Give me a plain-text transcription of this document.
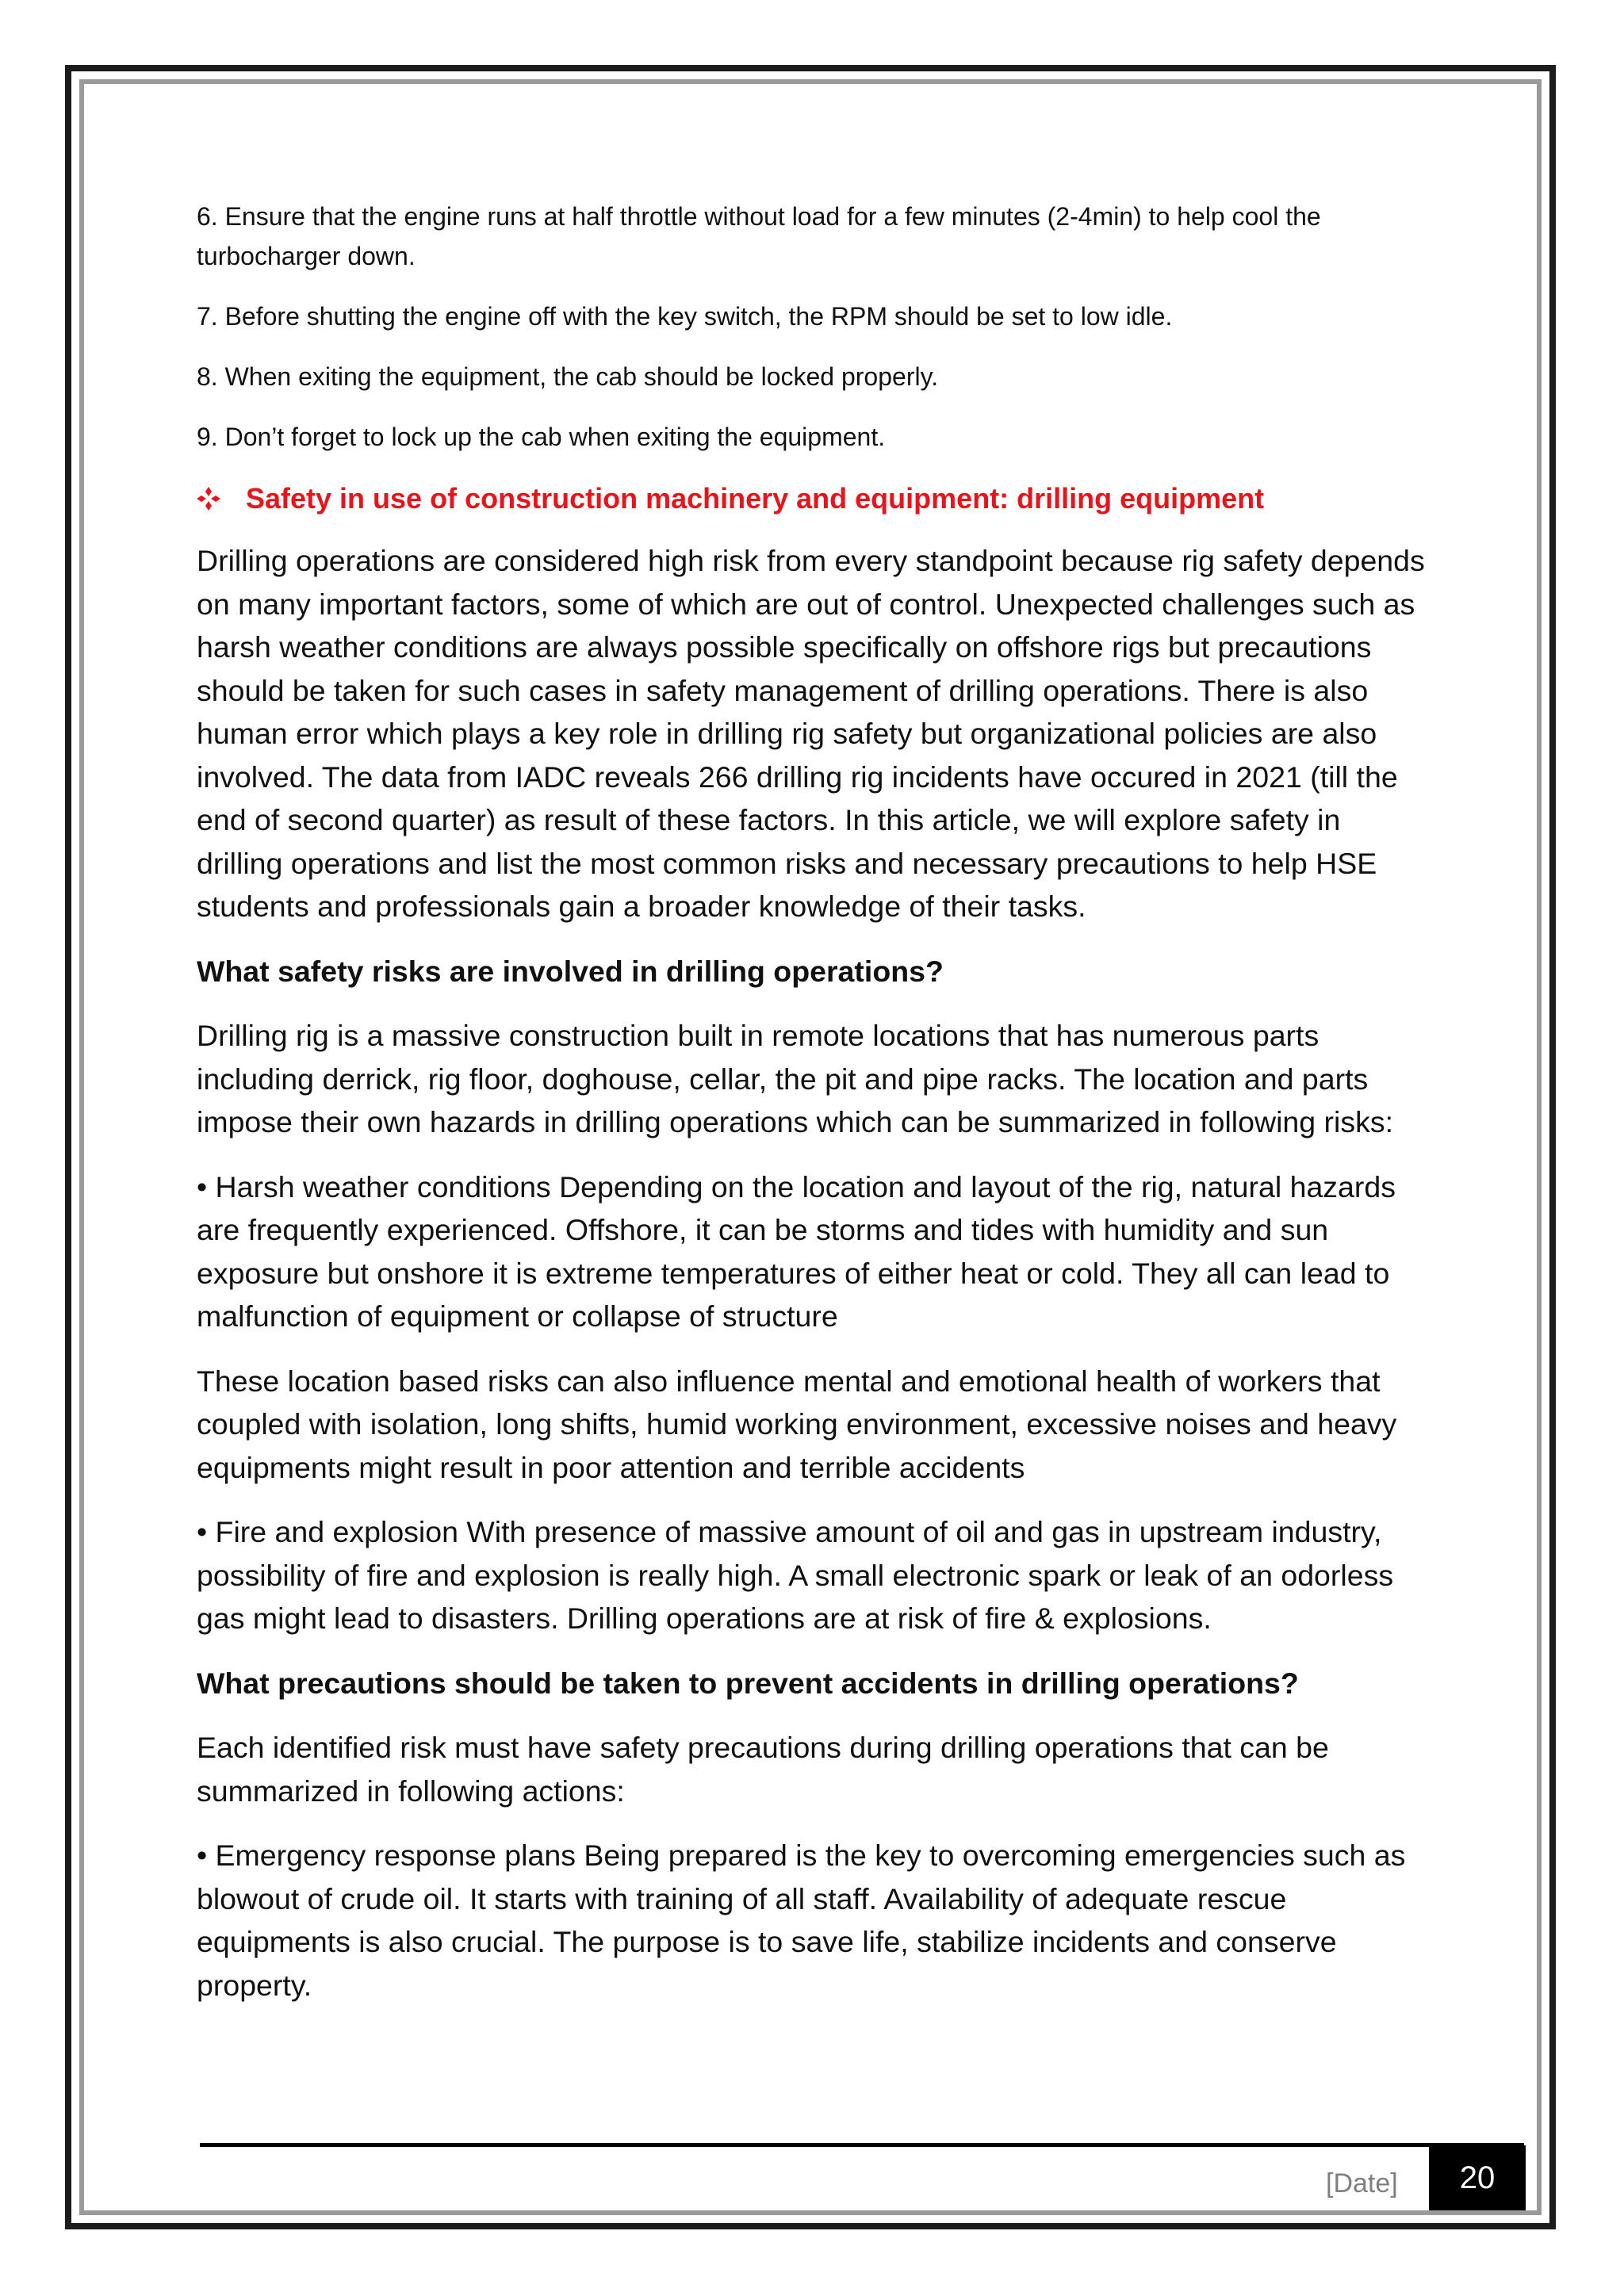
6. Ensure that the engine runs at half throttle without load for a few minutes (2-4min) to help cool the turbocharger down.

7. Before shutting the engine off with the key switch, the RPM should be set to low idle.

8. When exiting the equipment, the cab should be locked properly.

9. Don’t forget to lock up the cab when exiting the equipment.

Safety in use of construction machinery and equipment: drilling equipment

Drilling operations are considered high risk from every standpoint because rig safety depends on many important factors, some of which are out of control. Unexpected challenges such as harsh weather conditions are always possible specifically on offshore rigs but precautions should be taken for such cases in safety management of drilling operations. There is also human error which plays a key role in drilling rig safety but organizational policies are also involved. The data from IADC reveals 266 drilling rig incidents have occured in 2021 (till the end of second quarter) as result of these factors. In this article, we will explore safety in drilling operations and list the most common risks and necessary precautions to help HSE students and professionals gain a broader knowledge of their tasks.

What safety risks are involved in drilling operations?

Drilling rig is a massive construction built in remote locations that has numerous parts including derrick, rig floor, doghouse, cellar, the pit and pipe racks. The location and parts impose their own hazards in drilling operations which can be summarized in following risks:

• Harsh weather conditions Depending on the location and layout of the rig, natural hazards are frequently experienced. Offshore, it can be storms and tides with humidity and sun exposure but onshore it is extreme temperatures of either heat or cold. They all can lead to malfunction of equipment or collapse of structure

These location based risks can also influence mental and emotional health of workers that coupled with isolation, long shifts, humid working environment, excessive noises and heavy equipments might result in poor attention and terrible accidents

• Fire and explosion With presence of massive amount of oil and gas in upstream industry, possibility of fire and explosion is really high. A small electronic spark or leak of an odorless gas might lead to disasters. Drilling operations are at risk of fire & explosions.

What precautions should be taken to prevent accidents in drilling operations?

Each identified risk must have safety precautions during drilling operations that can be summarized in following actions:

• Emergency response plans Being prepared is the key to overcoming emergencies such as blowout of crude oil. It starts with training of all staff. Availability of adequate rescue equipments is also crucial. The purpose is to save life, stabilize incidents and conserve property.

[Date]	20
